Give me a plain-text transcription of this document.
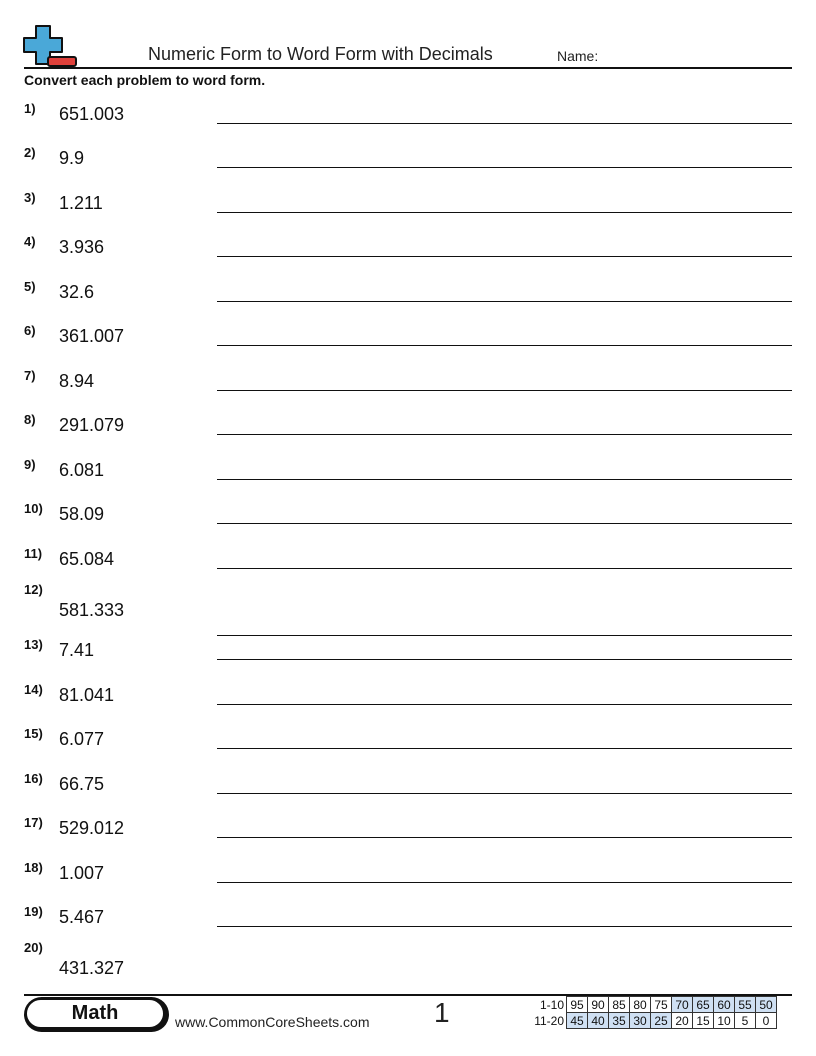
Numeric Form to Word Form with Decimals	Name:
Convert each problem to word form.
1) 651.003
2) 9.9
3) 1.211
4) 3.936
5) 32.6
6) 361.007
7) 8.94
8) 291.079
9) 6.081
10) 58.09
11) 65.084
12)
581.333
13) 7.41
14) 81.041
15) 6.077
16) 66.75
17) 529.012
18) 1.007
19) 5.467
20)
431.327
Math	www.CommonCoreSheets.com 1	1-10	95	90	85	80	75	70	65	60	55	50
11-20	45	40	35	30	25	20	15	10	5	0
